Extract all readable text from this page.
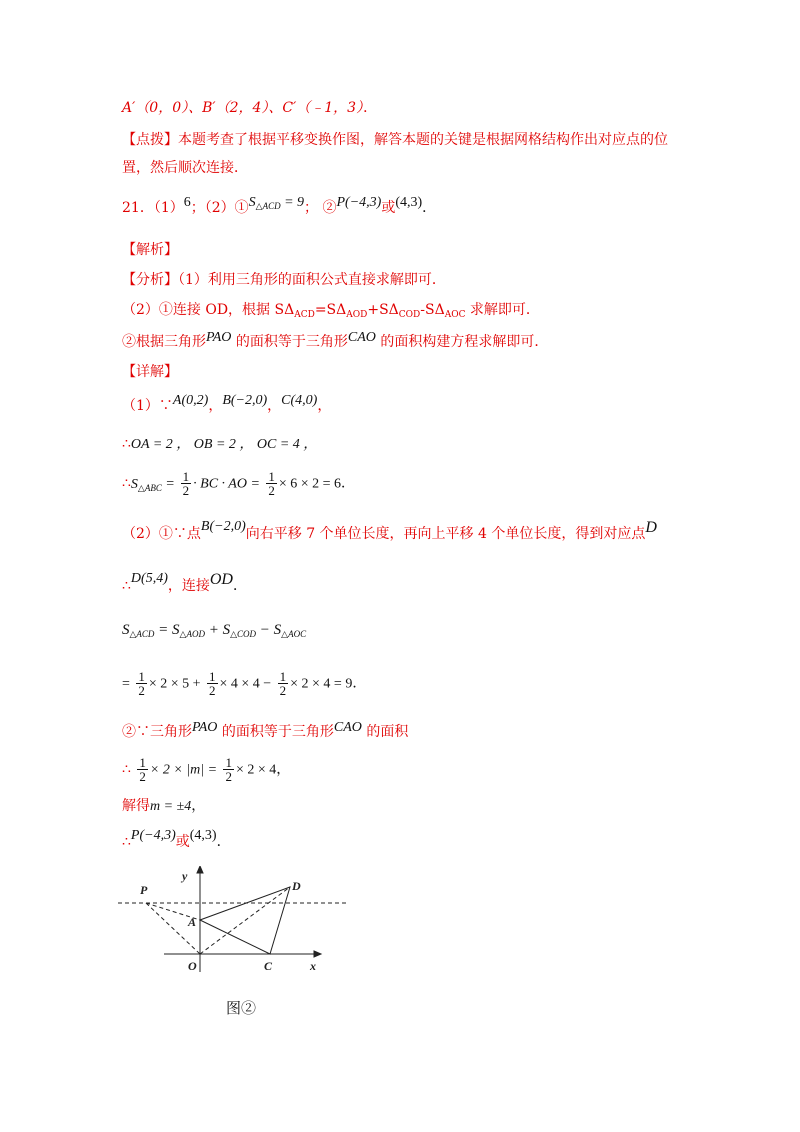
A′（0，0）、B′（2，4）、C′（﹣1，3）．
【点拨】本题考查了根据平移变换作图，解答本题的关键是根据网格结构作出对应点的位
置，然后顺次连接．
21．（1）6；$(2)①S_{\triangle ACD} = 9$； ②P(−4,3)或(4,3)．
【解析】
【分析】（1）利用三角形的面积公式直接求解即可．
（2）①连接 OD，根据 $S\Delta_{ACD}=S\Delta_{AOD}+S\Delta_{COD}-S\Delta_{AOC}$ 求解即可．
②根据三角形PAO 的面积等于三角形CAO 的面积构建方程求解即可．
【详解】
（1）∵A(0,2)，B(−2,0)，C(4,0)，
∴OA = 2 ， OB = 2 ， OC = 4 ，
$\therefore S_{\triangle ABC} = \frac{1}{2}$ · BC · AO = $\frac{1}{2} \times 6 \times 2 = 6$．
（2）①∵点B(−2,0)向右平移 7 个单位长度，再向上平移 4 个单位长度，得到对应点D
∴D(5,4)，连接OD．
$S_{\triangle ACD} = S_{\triangle AOD} + S_{\triangle COD} - S_{\triangle AOC}$
= $\frac{1}{2} \times 2 \times 5 + \frac{1}{2} \times 4 \times 4 - \frac{1}{2} \times 2 \times 4 = 9$．
②∵三角形PAO 的面积等于三角形CAO 的面积
∴ $\frac{1}{2} \times 2 \times |m| = \frac{1}{2} \times 2 \times 4$，
解得m = ±4，
∴P(−4,3)或(4,3)．
y
x
P
A
O	C
D
图②
